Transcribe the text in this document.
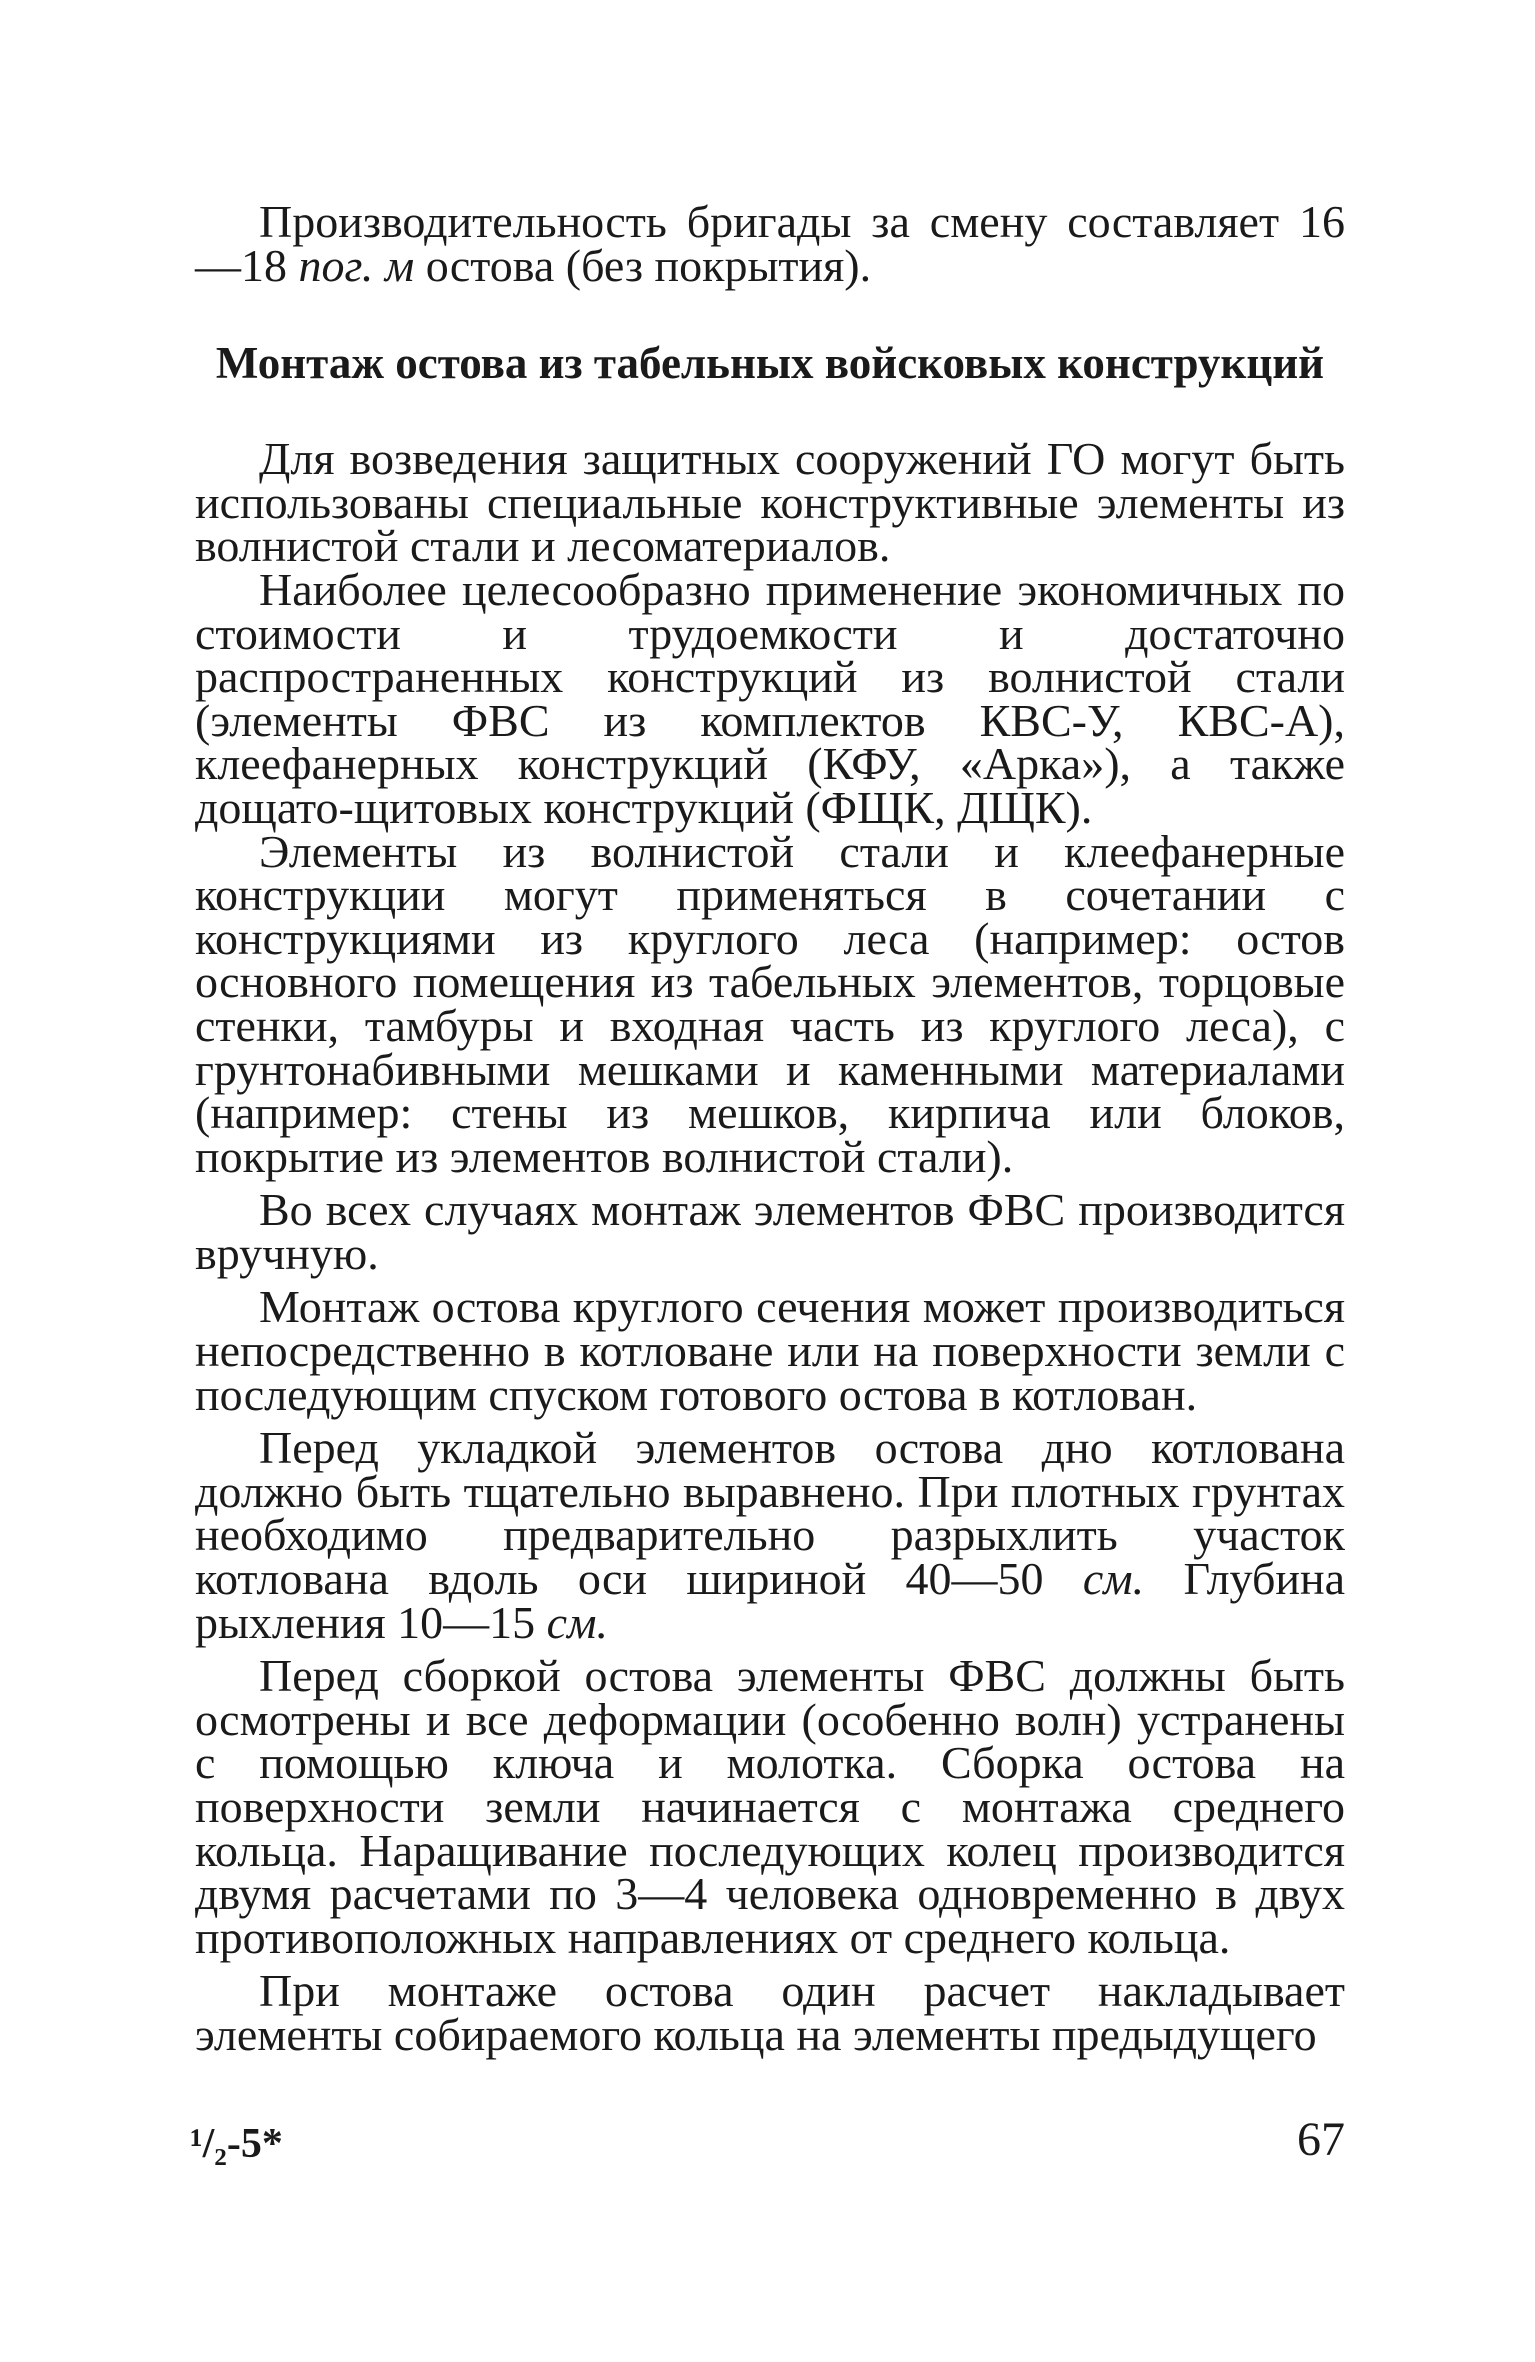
Производительность бригады за смену составляет 16—18 пог. м остова (без покрытия).

Монтаж остова из табельных войсковых конструкций

Для возведения защитных сооружений ГО могут быть использованы специальные конструктивные элементы из волнистой стали и лесоматериалов.

Наиболее целесообразно применение экономичных по стоимости и трудоемкости и достаточно распространенных конструкций из волнистой стали (элементы ФВС из комплектов КВС-У, КВС-А), клеефанерных конструкций (КФУ, «Арка»), а также дощато-щитовых конструкций (ФЩК, ДЩК).

Элементы из волнистой стали и клеефанерные конструкции могут применяться в сочетании с конструкциями из круглого леса (например: остов основного помещения из табельных элементов, торцовые стенки, тамбуры и входная часть из круглого леса), с грунтонабивными мешками и каменными материалами (например: стены из мешков, кирпича или блоков, покрытие из элементов волнистой стали).

Во всех случаях монтаж элементов ФВС производится вручную.

Монтаж остова круглого сечения может производиться непосредственно в котловане или на поверхности земли с последующим спуском готового остова в котлован.

Перед укладкой элементов остова дно котлована должно быть тщательно выравнено. При плотных грунтах необходимо предварительно разрыхлить участок котлована вдоль оси шириной 40—50 см. Глубина рыхления 10—15 см.

Перед сборкой остова элементы ФВС должны быть осмотрены и все деформации (особенно волн) устранены с помощью ключа и молотка. Сборка остова на поверхности земли начинается с монтажа среднего кольца. Наращивание последующих колец производится двумя расчетами по 3—4 человека одновременно в двух противоположных направлениях от среднего кольца.

При монтаже остова один расчет накладывает элементы собираемого кольца на элементы предыдущего

¹/₂-5*	67
